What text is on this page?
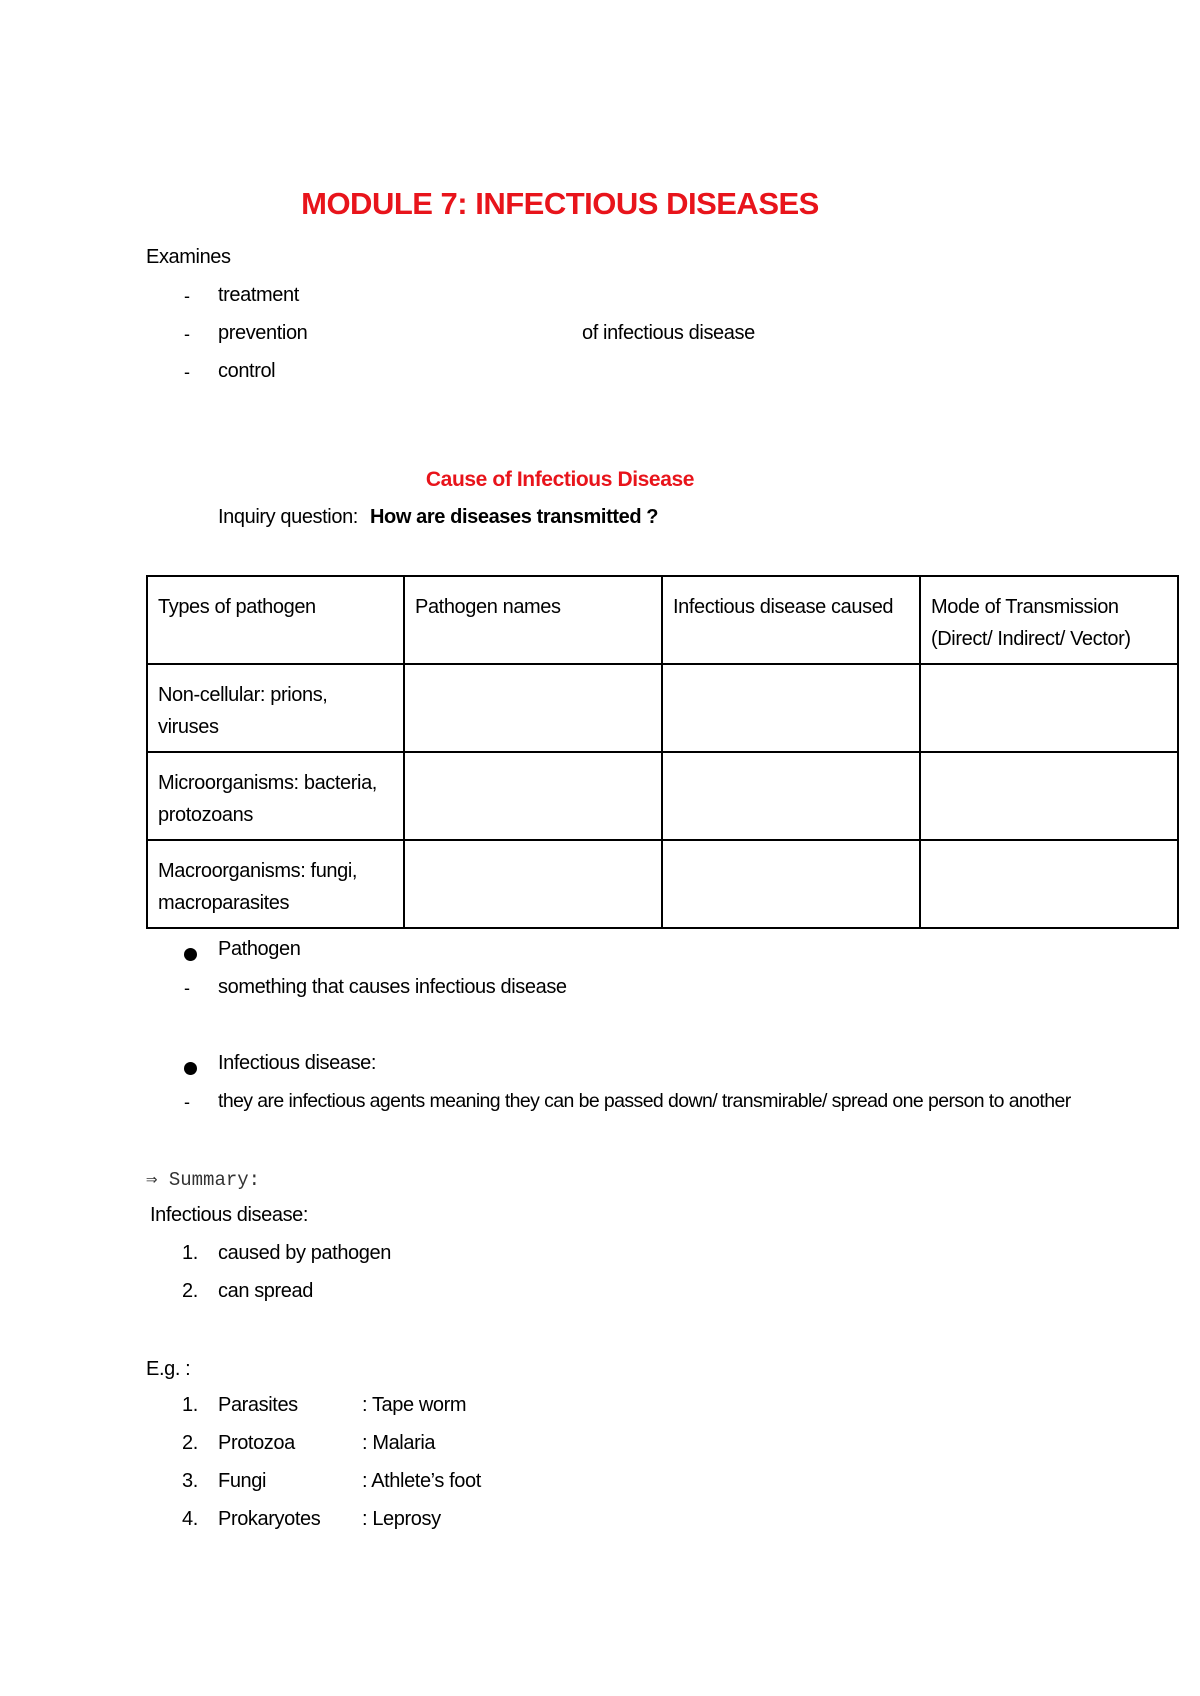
MODULE 7: INFECTIOUS DISEASES
Examines
- treatment
- prevention	of infectious disease
- control
Cause of Infectious Disease
Inquiry question: How are diseases transmitted ?
Types of pathogen	Pathogen names	Infectious disease caused	Mode of Transmission
(Direct/ Indirect/ Vector)
Non-cellular: prions, viruses			
Microorganisms: bacteria,
protozoans			
Macroorganisms: fungi,
macroparasites			
Pathogen
- something that causes infectious disease
Infectious disease:
- they are infectious agents meaning they can be passed down/ transmirable/ spread one person to another
⇒ Summary:
Infectious disease:
1. caused by pathogen
2. can spread
E.g. :
1. Parasites	: Tape worm
2. Protozoa	: Malaria
3. Fungi	: Athlete’s foot
4. Prokaryotes : Leprosy
